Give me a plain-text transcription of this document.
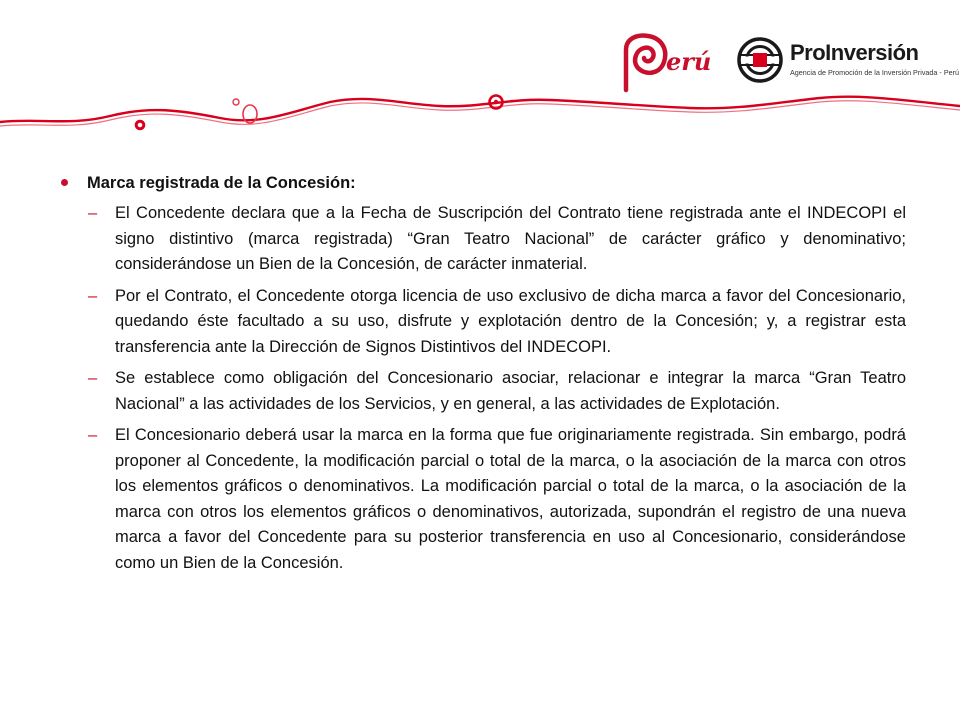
erú	ProInversión
Agencia de Promoción de la Inversión Privada - Perú
Marca registrada de la Concesión:
– El Concedente declara que a la Fecha de Suscripción del Contrato tiene registrada ante el INDECOPI el signo distintivo (marca registrada) “Gran Teatro Nacional” de carácter gráfico y denominativo; considerándose un Bien de la Concesión, de carácter inmaterial.
– Por el Contrato, el Concedente otorga licencia de uso exclusivo de dicha marca a favor del Concesionario, quedando éste facultado a su uso, disfrute y explotación dentro de la Concesión; y, a registrar esta transferencia ante la Dirección de Signos Distintivos del INDECOPI.
– Se establece como obligación del Concesionario asociar, relacionar e integrar la marca “Gran Teatro Nacional” a las actividades de los Servicios, y en general, a las actividades de Explotación.
– El Concesionario deberá usar la marca en la forma que fue originariamente registrada. Sin embargo, podrá proponer al Concedente, la modificación parcial o total de la marca, o la asociación de la marca con otros los elementos gráficos o denominativos. La modificación parcial o total de la marca, o la asociación de la marca con otros los elementos gráficos o denominativos, autorizada, supondrán el registro de una nueva marca a favor del Concedente para su posterior transferencia en uso al Concesionario, considerándose como un Bien de la Concesión.
